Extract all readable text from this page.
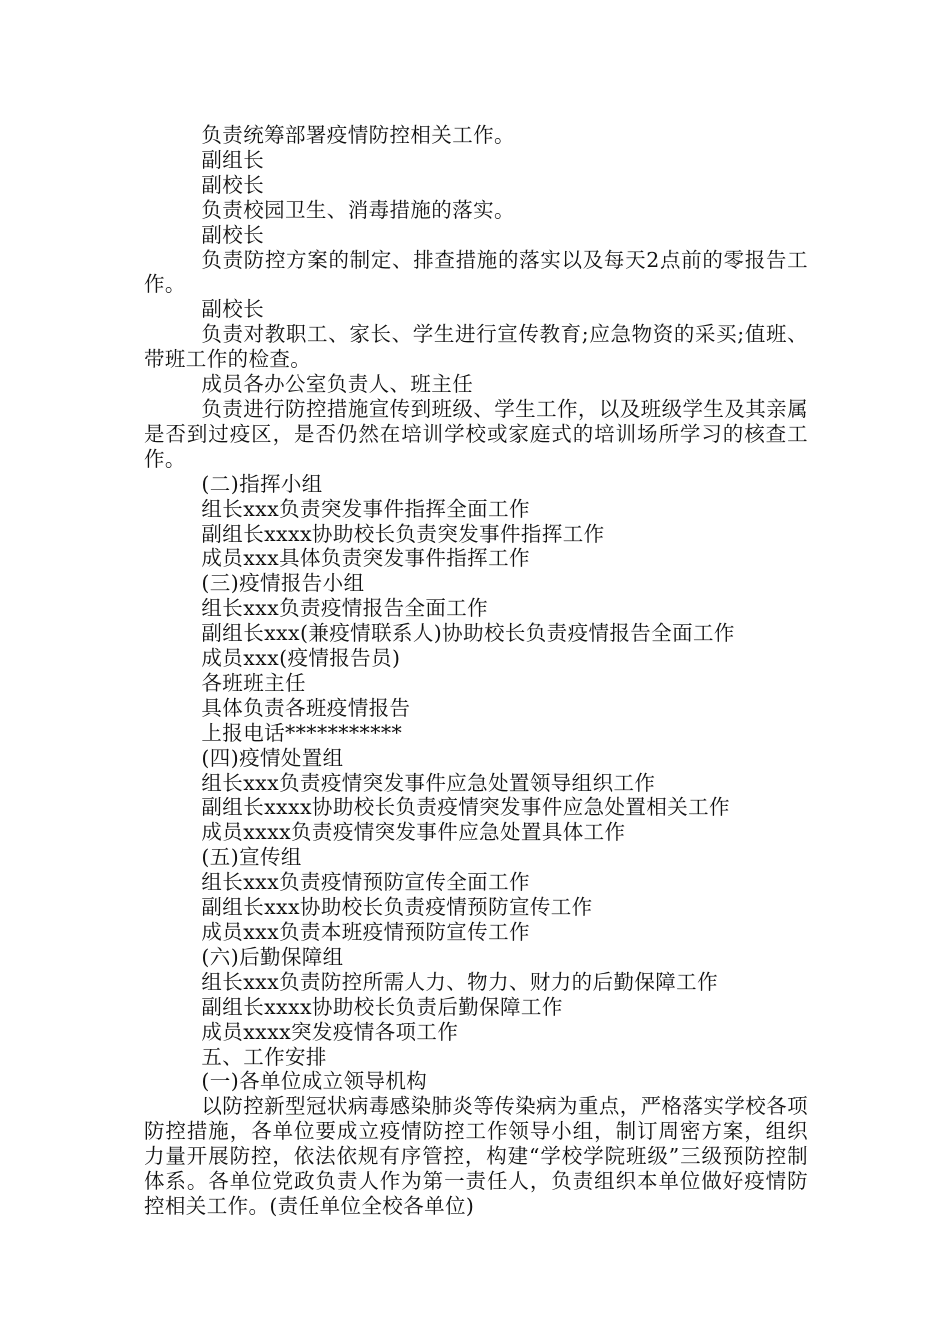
负责统筹部署疫情防控相关工作。

副组长

副校长

负责校园卫生、消毒措施的落实。

副校长

负责防控方案的制定、排查措施的落实以及每天2点前的零报告工作。

副校长

负责对教职工、家长、学生进行宣传教育;应急物资的采买;值班、带班工作的检查。

成员各办公室负责人、班主任

负责进行防控措施宣传到班级、学生工作，以及班级学生及其亲属是否到过疫区，是否仍然在培训学校或家庭式的培训场所学习的核查工作。

(二)指挥小组

组长xxx负责突发事件指挥全面工作

副组长xxxx协助校长负责突发事件指挥工作

成员xxx具体负责突发事件指挥工作

(三)疫情报告小组

组长xxx负责疫情报告全面工作

副组长xxx(兼疫情联系人)协助校长负责疫情报告全面工作

成员xxx(疫情报告员)

各班班主任

具体负责各班疫情报告

上报电话***********

(四)疫情处置组

组长xxx负责疫情突发事件应急处置领导组织工作

副组长xxxx协助校长负责疫情突发事件应急处置相关工作

成员xxxx负责疫情突发事件应急处置具体工作

(五)宣传组

组长xxx负责疫情预防宣传全面工作

副组长xxx协助校长负责疫情预防宣传工作

成员xxx负责本班疫情预防宣传工作

(六)后勤保障组

组长xxx负责防控所需人力、物力、财力的后勤保障工作

副组长xxxx协助校长负责后勤保障工作

成员xxxx突发疫情各项工作

五、工作安排

(一)各单位成立领导机构

以防控新型冠状病毒感染肺炎等传染病为重点，严格落实学校各项防控措施，各单位要成立疫情防控工作领导小组，制订周密方案，组织力量开展防控，依法依规有序管控，构建“学校学院班级”三级预防控制体系。各单位党政负责人作为第一责任人，负责组织本单位做好疫情防控相关工作。(责任单位全校各单位)
